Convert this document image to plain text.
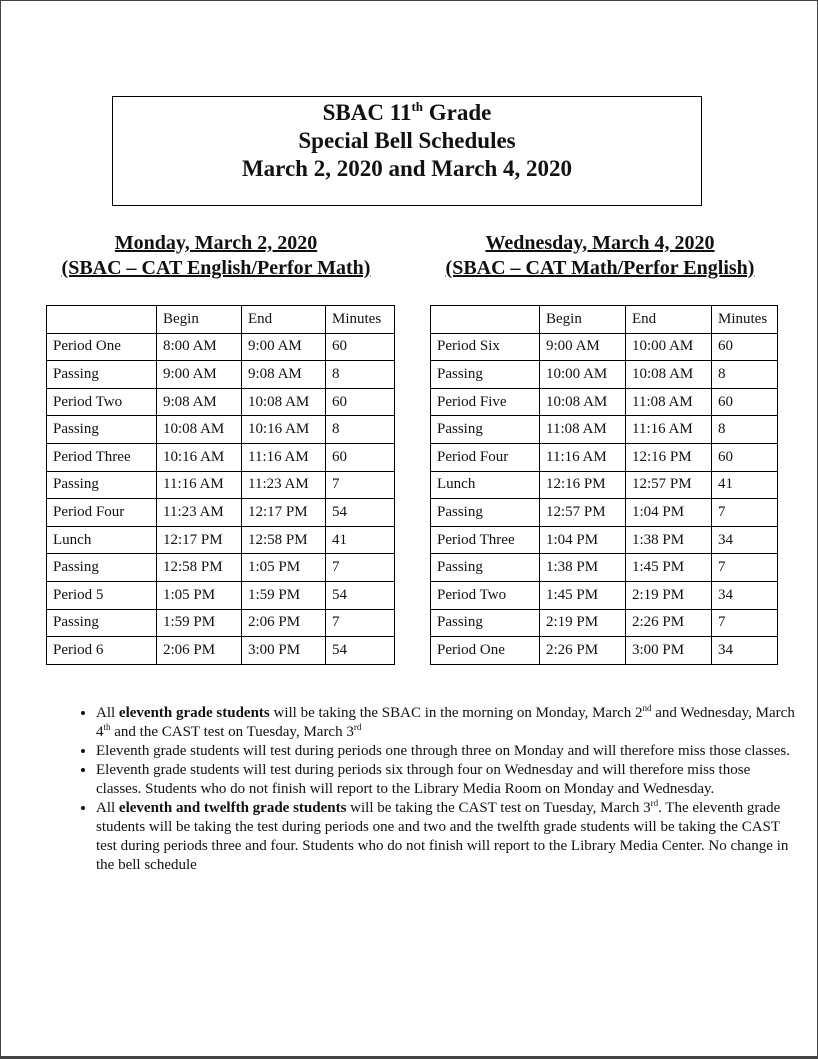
SBAC 11th Grade
Special Bell Schedules
March 2, 2020 and March 4, 2020
Monday, March 2, 2020
(SBAC – CAT English/Perfor Math)
Wednesday, March 4, 2020
(SBAC – CAT Math/Perfor English)
	Begin	End	Minutes
Period One	8:00 AM	9:00 AM	60
Passing	9:00 AM	9:08 AM	8
Period Two	9:08 AM	10:08 AM	60
Passing	10:08 AM	10:16 AM	8
Period Three	10:16 AM	11:16 AM	60
Passing	11:16 AM	11:23 AM	7
Period Four	11:23 AM	12:17 PM	54
Lunch	12:17 PM	12:58 PM	41
Passing	12:58 PM	1:05 PM	7
Period 5	1:05 PM	1:59 PM	54
Passing	1:59 PM	2:06 PM	7
Period 6	2:06 PM	3:00 PM	54
	Begin	End	Minutes
Period Six	9:00 AM	10:00 AM	60
Passing	10:00 AM	10:08 AM	8
Period Five	10:08 AM	11:08 AM	60
Passing	11:08 AM	11:16 AM	8
Period Four	11:16 AM	12:16 PM	60
Lunch	12:16 PM	12:57 PM	41
Passing	12:57 PM	1:04 PM	7
Period Three	1:04 PM	1:38 PM	34
Passing	1:38 PM	1:45 PM	7
Period Two	1:45 PM	2:19 PM	34
Passing	2:19 PM	2:26 PM	7
Period One	2:26 PM	3:00 PM	34
• All eleventh grade students will be taking the SBAC in the morning on Monday, March 2nd and Wednesday, March 4th and the CAST test on Tuesday, March 3rd
• Eleventh grade students will test during periods one through three on Monday and will therefore miss those classes.
• Eleventh grade students will test during periods six through four on Wednesday and will therefore miss those classes. Students who do not finish will report to the Library Media Room on Monday and Wednesday.
• All eleventh and twelfth grade students will be taking the CAST test on Tuesday, March 3rd. The eleventh grade students will be taking the test during periods one and two and the twelfth grade students will be taking the CAST test during periods three and four. Students who do not finish will report to the Library Media Center. No change in the bell schedule
